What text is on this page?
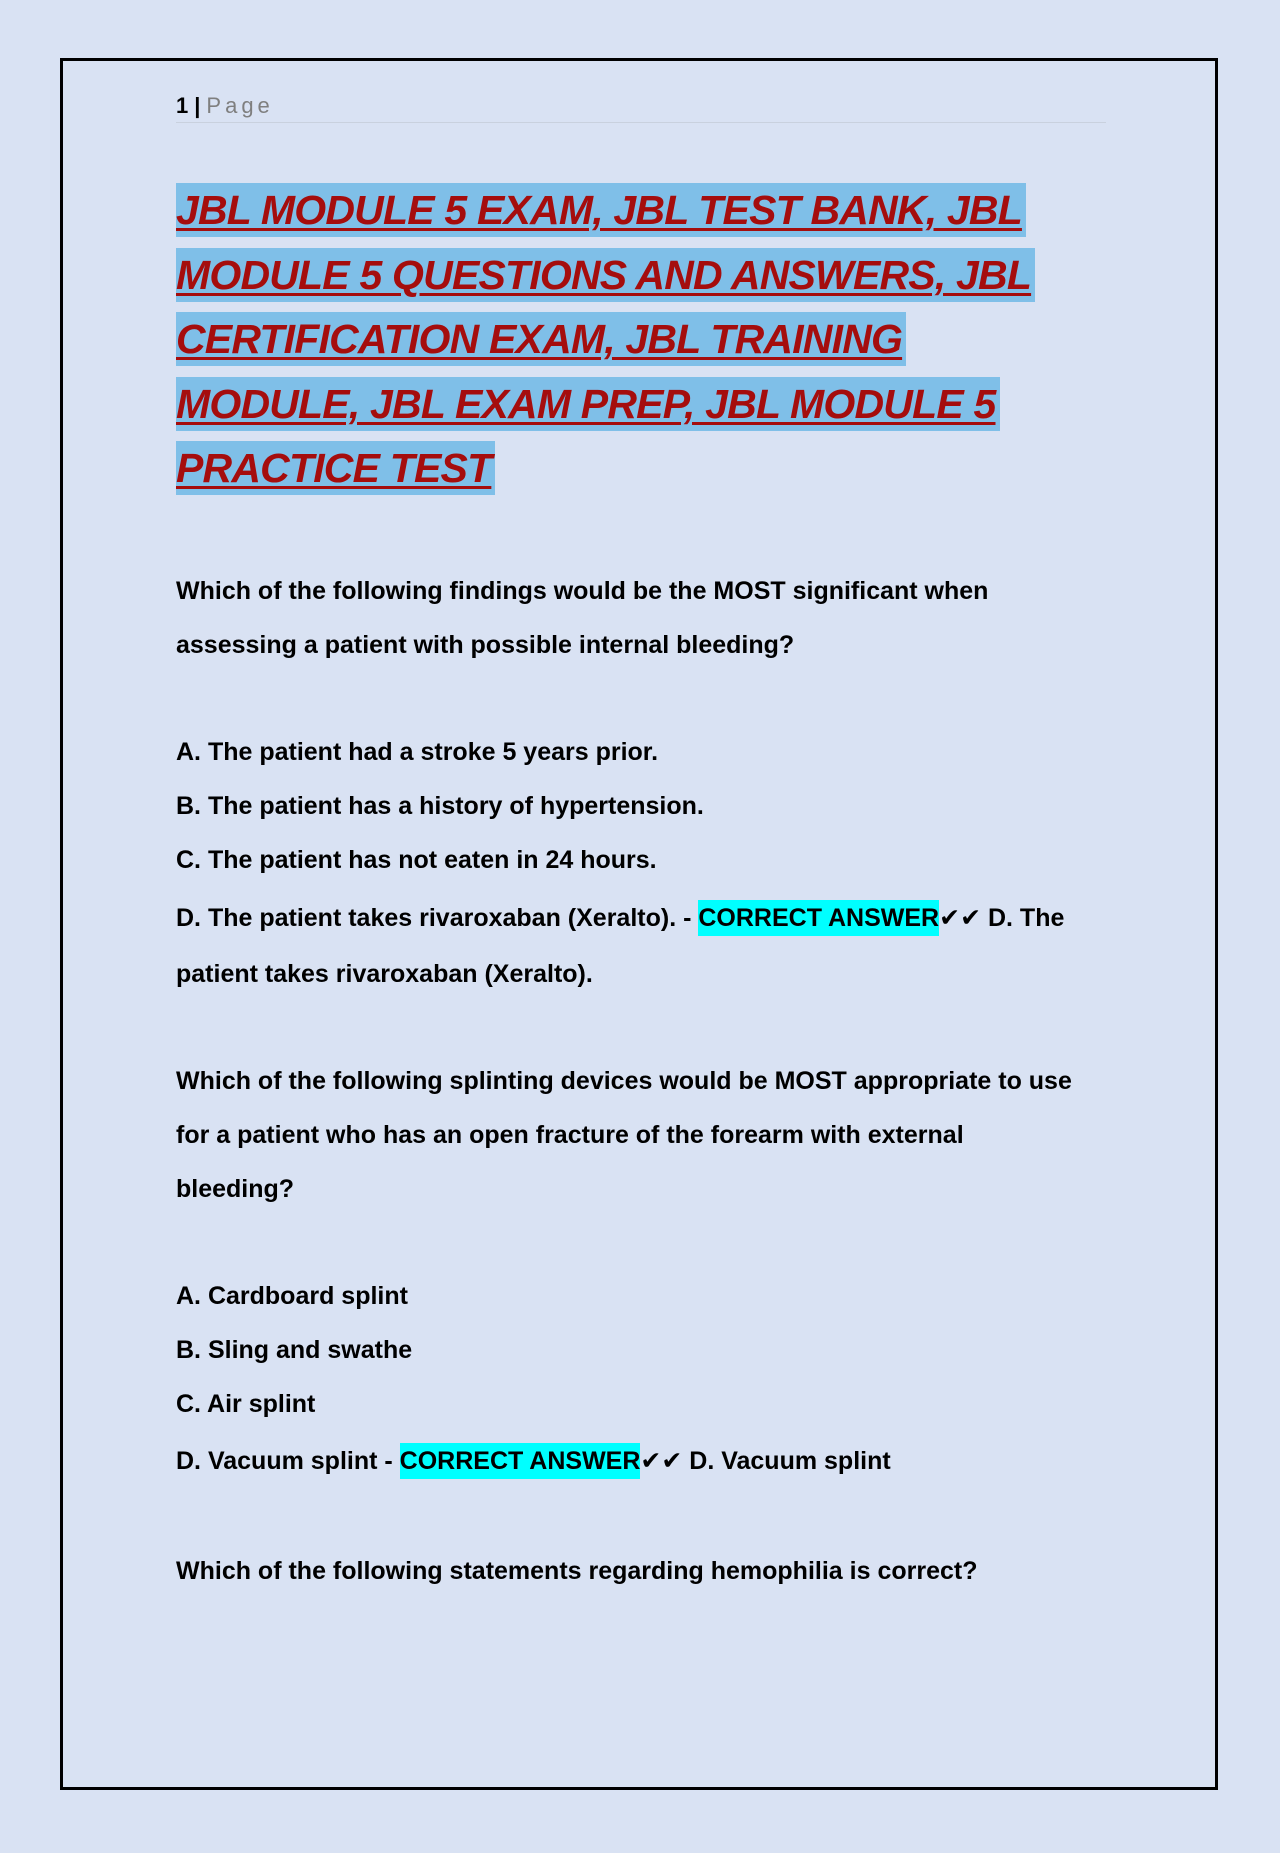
1 | Page
JBL MODULE 5 EXAM, JBL TEST BANK, JBL
MODULE 5 QUESTIONS AND ANSWERS, JBL
CERTIFICATION EXAM, JBL TRAINING
MODULE, JBL EXAM PREP, JBL MODULE 5
PRACTICE TEST

Which of the following findings would be the MOST significant when

assessing a patient with possible internal bleeding?

A. The patient had a stroke 5 years prior.

B. The patient has a history of hypertension.

C. The patient has not eaten in 24 hours.

D. The patient takes rivaroxaban (Xeralto). - CORRECT ANSWER✔✔ D. The

patient takes rivaroxaban (Xeralto).

Which of the following splinting devices would be MOST appropriate to use

for a patient who has an open fracture of the forearm with external

bleeding?

A. Cardboard splint

B. Sling and swathe

C. Air splint

D. Vacuum splint - CORRECT ANSWER✔✔ D. Vacuum splint

Which of the following statements regarding hemophilia is correct?
